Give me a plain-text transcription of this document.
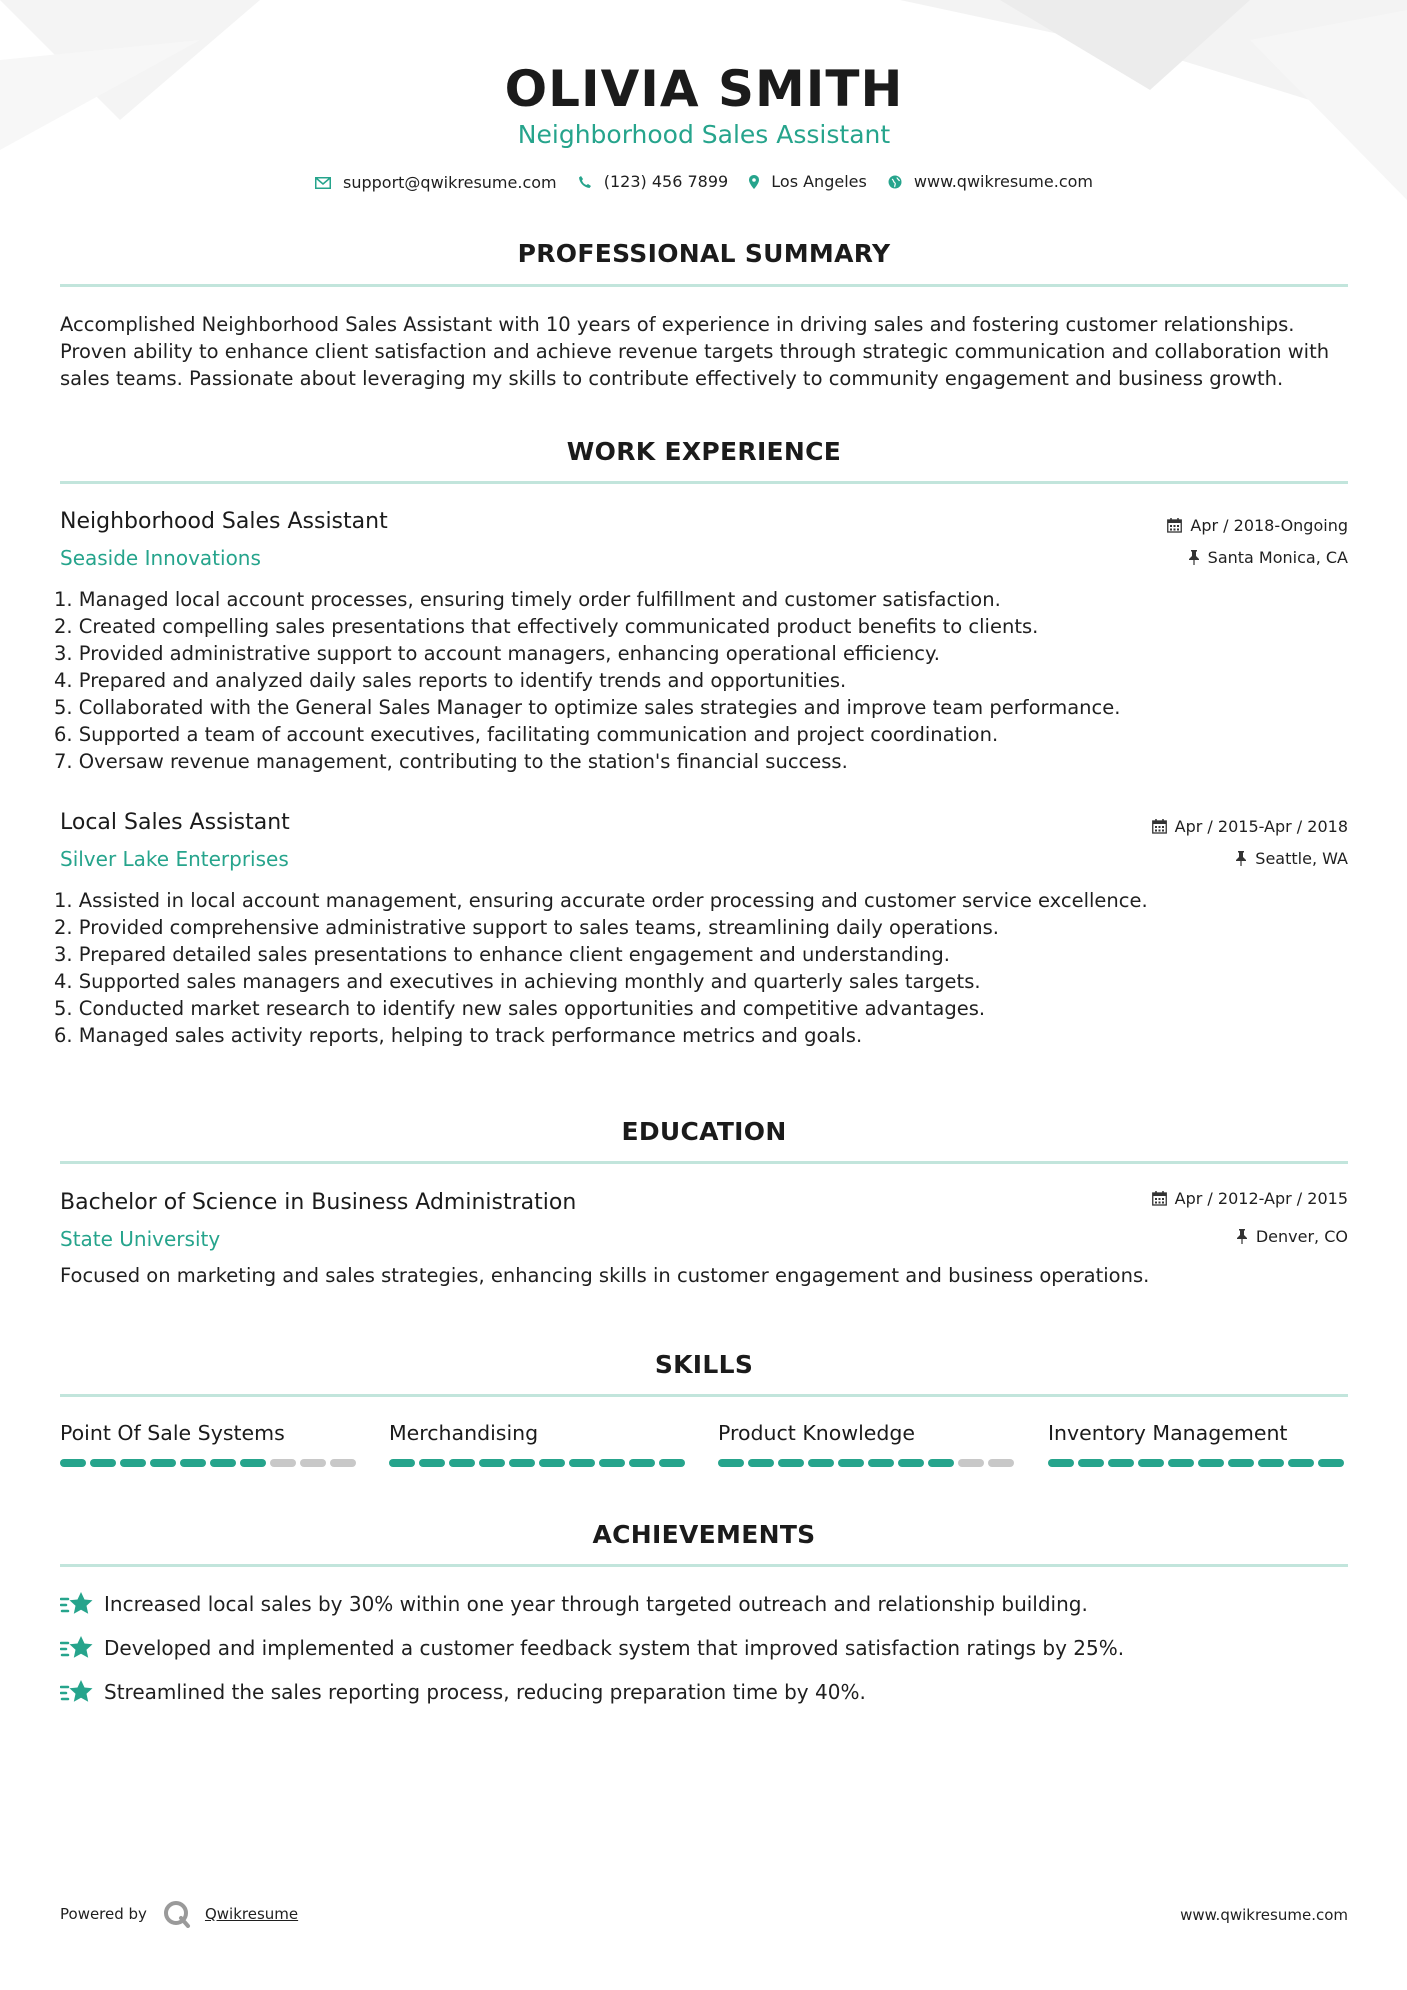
OLIVIA SMITH
Neighborhood Sales Assistant
support@qwikresume.com
	(123) 456 7899
	Los Angeles
	www.qwikresume.com
PROFESSIONAL SUMMARY
Accomplished Neighborhood Sales Assistant with 10 years of experience in driving sales and fostering customer relationships. Proven ability to enhance client satisfaction and achieve revenue targets through strategic communication and collaboration with sales teams. Passionate about leveraging my skills to contribute effectively to community engagement and business growth.
WORK EXPERIENCE
Neighborhood Sales Assistant
Seaside Innovations
Apr / 2018-Ongoing
Santa Monica, CA
1. Managed local account processes, ensuring timely order fulfillment and customer satisfaction.
2. Created compelling sales presentations that effectively communicated product benefits to clients.
3. Provided administrative support to account managers, enhancing operational efficiency.
4. Prepared and analyzed daily sales reports to identify trends and opportunities.
5. Collaborated with the General Sales Manager to optimize sales strategies and improve team performance.
6. Supported a team of account executives, facilitating communication and project coordination.
7. Oversaw revenue management, contributing to the station's financial success.
Local Sales Assistant
Silver Lake Enterprises
Apr / 2015-Apr / 2018
Seattle, WA
1. Assisted in local account management, ensuring accurate order processing and customer service excellence.
2. Provided comprehensive administrative support to sales teams, streamlining daily operations.
3. Prepared detailed sales presentations to enhance client engagement and understanding.
4. Supported sales managers and executives in achieving monthly and quarterly sales targets.
5. Conducted market research to identify new sales opportunities and competitive advantages.
6. Managed sales activity reports, helping to track performance metrics and goals.
EDUCATION
Bachelor of Science in Business Administration
State University
Apr / 2012-Apr / 2015
Denver, CO
Focused on marketing and sales strategies, enhancing skills in customer engagement and business operations.
SKILLS
Point Of Sale Systems	Merchandising	Product Knowledge	Inventory Management
ACHIEVEMENTS
Increased local sales by 30% within one year through targeted outreach and relationship building.
Developed and implemented a customer feedback system that improved satisfaction ratings by 25%.
Streamlined the sales reporting process, reducing preparation time by 40%.
Powered by	Qwikresume	www.qwikresume.com
